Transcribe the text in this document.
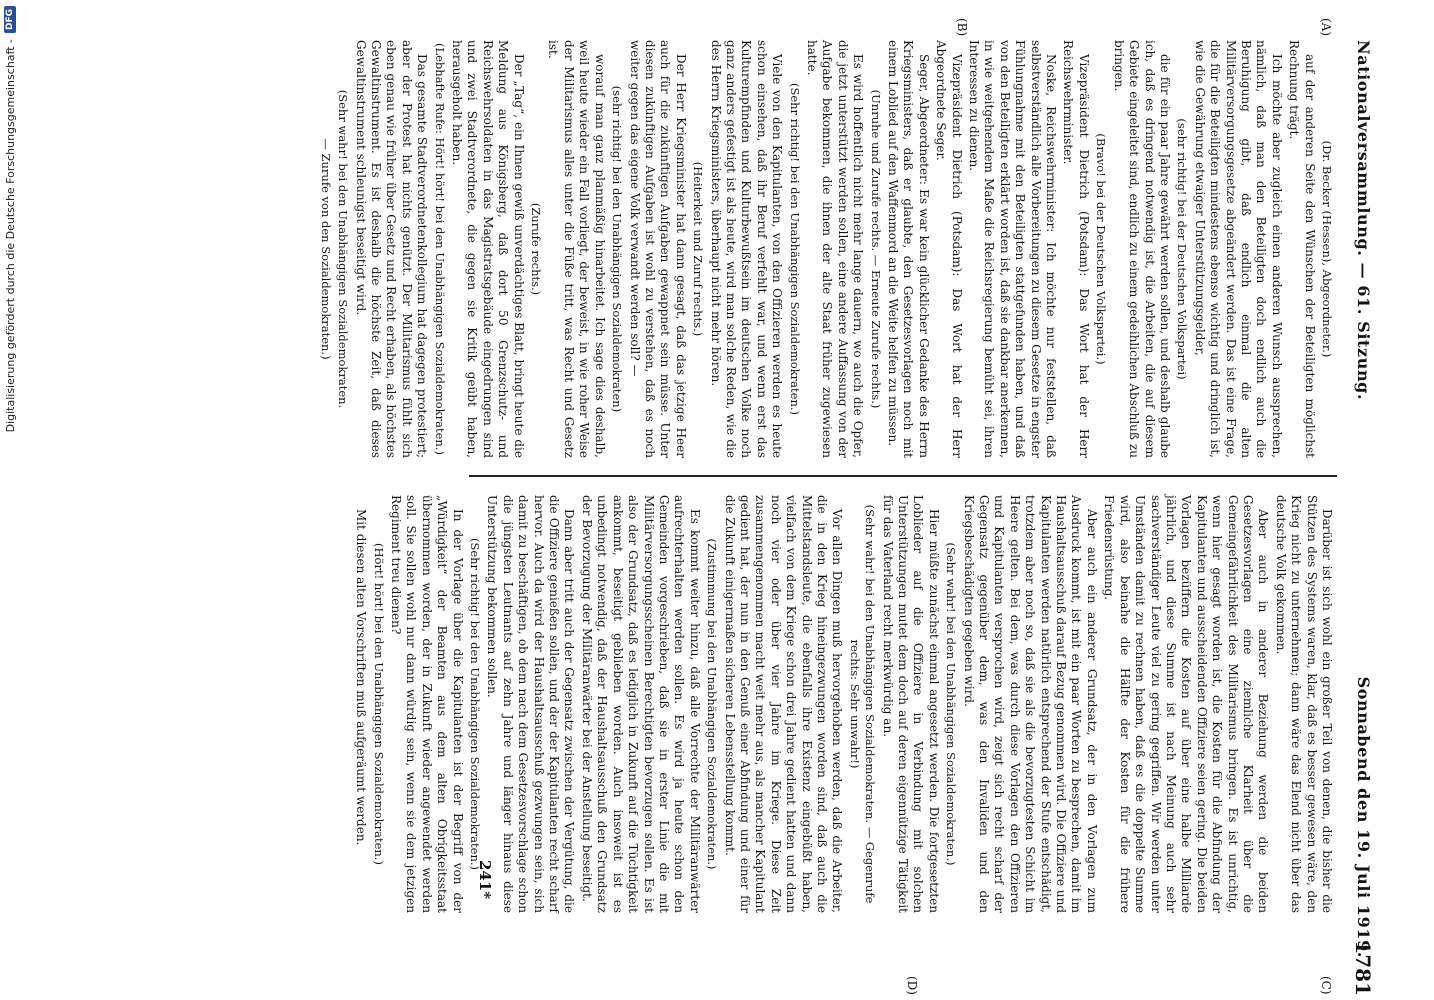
Nationalversammlung. — 61. Sitzung.
Sonnabend den 19. Juli 1919.
1781
(A)
(B)
(C)
(D)

(Dr. Becker (Hessen), Abgeordneter.)

auf der anderen Seite den Wünschen der Beteiligten möglichst Rechnung trägt.

Ich möchte aber zugleich einen anderen Wunsch aussprechen, nämlich, daß man den Beteiligten doch endlich auch die Beruhigung gibt, daß endlich einmal die alten Militärversorgungsgesetze abgeändert werden. Das ist eine Frage, die für die Beteiligten mindestens ebenso wichtig und dringlich ist, wie die Gewährung etwaiger Unterstützungsgelder,

(sehr richtig! bei der Deutschen Volkspartei)

die für ein paar Jahre gewährt werden sollen, und deshalb glaube ich, daß es dringend notwendig ist, die Arbeiten, die auf diesem Gebiete eingeleitet sind, endlich zu einem gedeihlichen Abschluß zu bringen.

(Bravo! bei der Deutschen Volkspartei.)

Vizepräsident Dietrich (Potsdam): Das Wort hat der Herr Reichswehrminister.

Noske, Reichswehrminister: Ich möchte nur feststellen, daß selbstverständlich alle Vorbereitungen zu diesem Gesetze in engster Fühlungnahme mit den Beteiligten stattgefunden haben, und daß von den Beteiligten erklärt worden ist, daß sie dankbar anerkennen, in wie weitgehendem Maße die Reichsregierung bemüht sei, ihren Interessen zu dienen.

Vizepräsident Dietrich (Potsdam): Das Wort hat der Herr Abgeordnete Seger.

Seger, Abgeordneter: Es war kein glücklicher Gedanke des Herrn Kriegsministers, daß er glaubte, den Gesetzesvorlagen noch mit einem Loblied auf den Waffenmord an die Weite helfen zu müssen.

(Unruhe und Zurufe rechts. — Erneute Zurufe rechts.)

Es wird hoffentlich nicht mehr lange dauern, wo auch die Opfer, die jetzt unterstützt werden sollen, eine andere Auffassung von der Aufgabe bekommen, die ihnen der alte Staat früher zugewiesen hatte.

(Sehr richtig! bei den Unabhängigen Sozialdemokraten.)

Viele von den Kapitulanten, von den Offizieren werden es heute schon einsehen, daß ihr Beruf verfehlt war, und wenn erst das Kulturempfinden und Kulturbewußtsein im deutschen Volke noch ganz anders gefestigt ist als heute, wird man solche Reden, wie die des Herrn Kriegsministers, überhaupt nicht mehr hören.

(Heiterkeit und Zuruf rechts.)

Der Herr Kriegsminister hat dann gesagt, daß das jetzige Heer auch für die zukünftigen Aufgaben gewappnet sein müsse. Unter diesen zukünftigen Aufgaben ist wohl zu verstehen, daß es noch weiter gegen das eigene Volk verwandt werden soll? —

(sehr richtig! bei den Unabhängigen Sozialdemokraten)

worauf man ganz planmäßig hinarbeitet. Ich sage dies deshalb, weil heute wieder ein Fall vorliegt, der beweist, in wie roher Weise der Militarismus alles unter die Füße tritt, was Recht und Gesetz ist.

(Zurufe rechts.)

Der „Tag“, ein Ihnen gewiß unverdächtiges Blatt, bringt heute die Meldung aus Königsberg, daß dort 50 Grenzschutz- und Reichswehrsoldaten in das Magistratsgebäude eingedrungen sind und zwei Stadtverordnete, die gegen sie Kritik geübt haben, herausgeholt haben.

(Lebhafte Rufe: Hört! hört! bei den Unabhängigen Sozialdemokraten.)

Das gesamte Stadtverordnetenkollegium hat dagegen protestiert; aber der Protest hat nichts genützt. Der Militarismus fühlt sich eben genau wie früher über Gesetz und Recht erhaben, als höchstes Gewaltinstrument. Es ist deshalb die höchste Zeit, daß dieses Gewaltinstrument schleunigst beseitigt wird.

(Sehr wahr! bei den Unabhängigen Sozialdemokraten.

— Zurufe von den Sozialdemokraten.)

Darüber ist sich wohl ein großer Teil von denen, die bisher die Stützen des Systems waren, klar, daß es besser gewesen wäre, den Krieg nicht zu unternehmen; dann wäre das Elend nicht über das deutsche Volk gekommen.

Aber auch in anderer Beziehung werden die beiden Gesetzesvorlagen eine ziemliche Klarheit über die Gemeingefährlichkeit des Militarismus bringen. Es ist unrichtig, wenn hier gesagt worden ist, die Kosten für die Abfindung der Kapitulanten und ausscheidenden Offiziere seien gering. Die beiden Vorlagen bezüffern die Kosten auf über eine halbe Milliarde jährlich, und diese Summe ist nach Meinung auch sehr sachverständiger Leute viel zu gering gegriffen. Wir werden unter Umständen damit zu rechnen haben, daß es die doppelte Summe wird, also beinahe die Hälfte der Kosten für die frühere Friedensrüstung.

Aber auch ein anderer Grundsatz, der in den Vorlagen zum Ausdruck kommt, ist mit ein paar Worten zu besprechen, damit im Haushaltsausschuß darauf Bezug genommen wird. Die Offiziere und Kapitulanten werden natürlich entsprechend der Stufe entschädigt, trotzdem aber noch so, daß sie als die bevorzugtesten Schicht im Heere gelten. Bei dem, was durch diese Vorlagen den Offizieren und Kapitulanten versprochen wird, zeigt sich recht scharf der Gegensatz gegenüber dem, was den Invaliden und den Kriegsbeschädigten gegeben wird.

(Sehr wahr! bei den Unabhängigen Sozialdemokraten.)

Hier müßte zunächst einmal angesetzt werden. Die fortgesetzten Loblieder auf die Offiziere in Verbindung mit solchen Unterstützungen mutet dem doch auf deren eigennützige Tätigkeit für das Vaterland recht merkwürdig an.

(Sehr wahr! bei den Unabhängigen Sozialdemokraten. — Gegenrufe rechts: Sehr unwahr!)

Vor allen Dingen muß hervorgehoben werden, daß die Arbeiter, die in den Krieg hineingezwungen worden sind, daß auch die Mittelstandsleute, die ebenfalls ihre Existenz eingebüßt haben, vielfach von dem Kriege schon drei Jahre gedient hatten und dann noch vier oder über vier Jahre im Kriege. Diese Zeit zusammengenommen macht weit mehr aus, als mancher Kapitulant gedient hat, der nun in den Genuß einer Abfindung und einer für die Zukunft einigermaßen sicheren Lebensstellung kommt.

(Zustimmung bei den Unabhängigen Sozialdemokraten.)

Es kommt weiter hinzu, daß alle Vorrechte der Militäranwärter aufrechterhalten werden sollen. Es wird ja heute schon den Gemeinden vorgeschrieben, daß sie in erster Linie die mit Militärversorgungsscheinen Berechtigten bevorzugen sollen. Es ist also der Grundsatz, daß es lediglich in Zukunft auf die Tüchtigkeit ankommt, beseitigt geblieben worden. Auch insoweit ist es unbedingt notwendig, daß der Haushaltsausschuß den Grundsatz der Bevorzugung der Militäranwärter bei der Anstellung beseitigt.

Dann aber tritt auch der Gegensatz zwischen der Vergütung, die die Offiziere genießen sollen, und der der Kapitulanten recht scharf hervor. Auch da wird der Haushaltsausschuß gezwungen sein, sich damit zu beschäftigen, ob dem nach dem Gesetzesvorschlage schon die jüngsten Leutnants auf zehn Jahre und länger hinaus diese Unterstützung bekommen sollen.

(Sehr richtig! bei den Unabhängigen Sozialdemokraten.)

In der Vorlage über die Kapitulanten ist der Begriff von der „Würdigkeit“ der Beamten aus dem alten Obrigkeitsstaat übernommen worden, der in Zukunft wieder angewendet werden soll. Sie sollen wohl nur dann würdig sein, wenn sie dem jetzigen Regiment treu dienen?

(Hört! hört! bei den Unabhängigen Sozialdemokraten.)

Mit diesen alten Vorschriften muß aufgeräumt werden.

241*
Digitalisierung gefördert durch die Deutsche Forschungsgemeinschaft -
DFG
